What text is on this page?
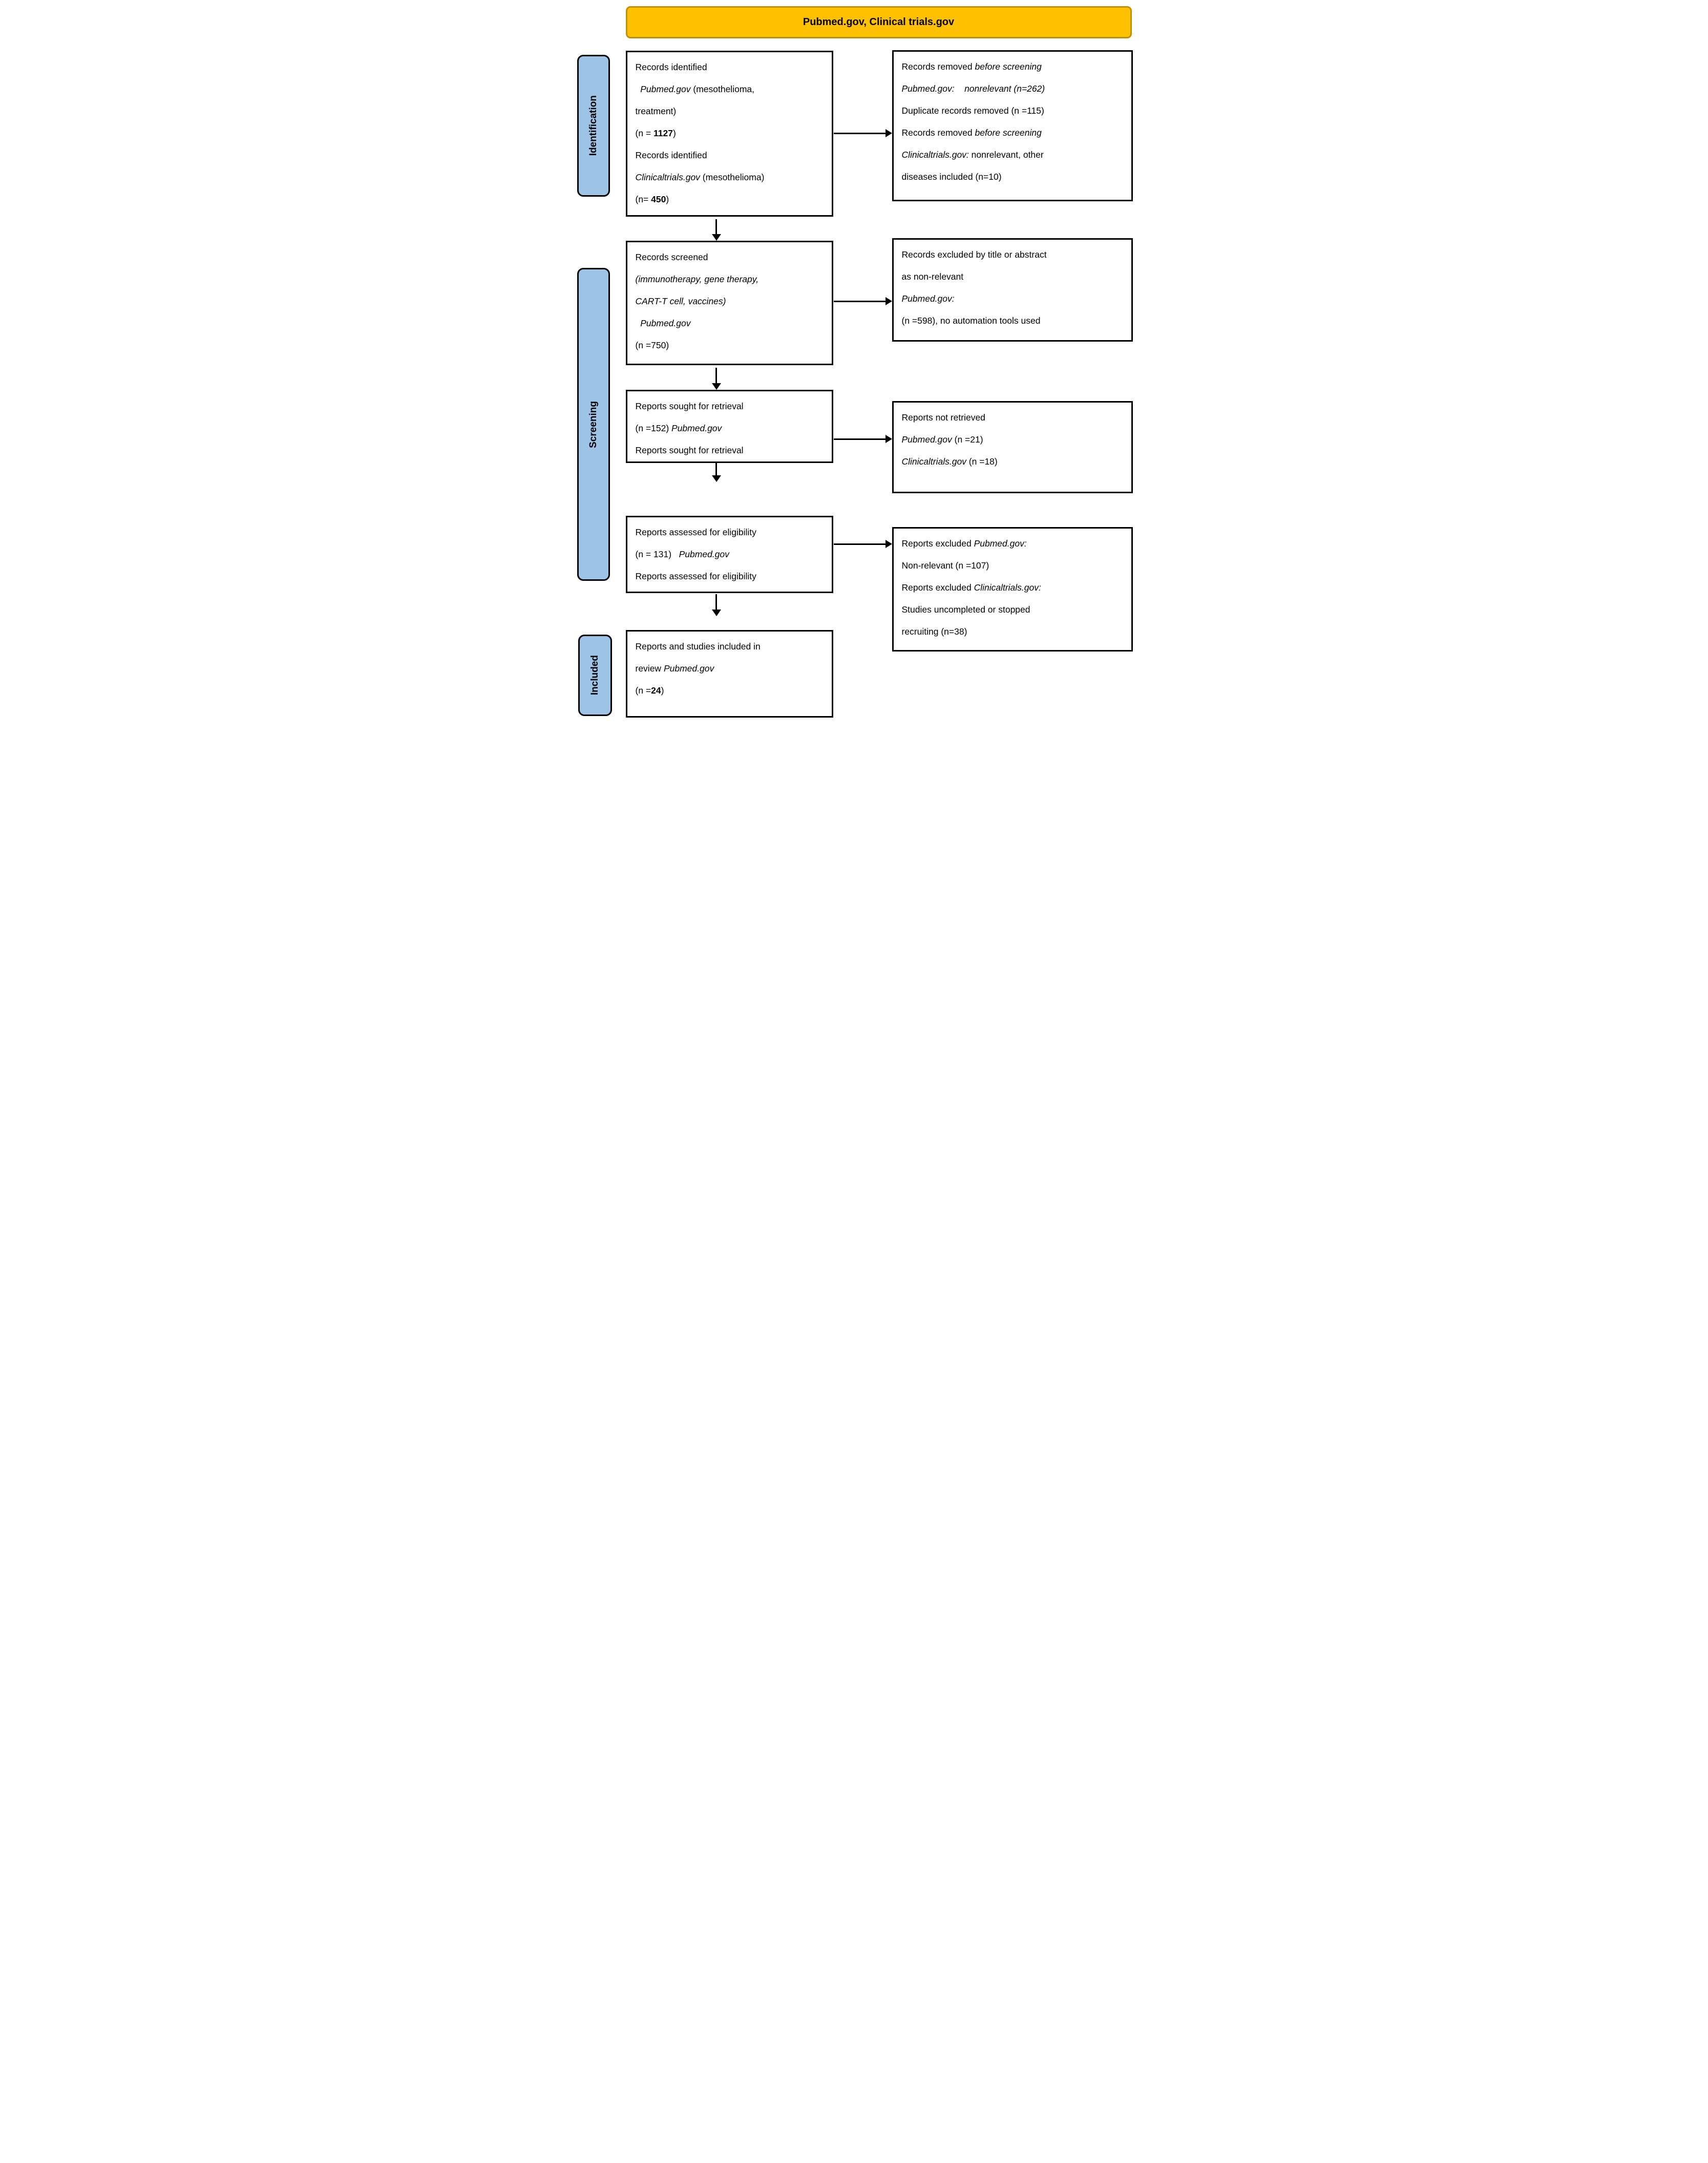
Pubmed.gov, Clinical trials.gov
Identification
Screening
Included
Records identified
Pubmed.gov (mesothelioma,
treatment)
(n = 1127)
Records identified
Clinicaltrials.gov (mesothelioma)
(n= 450)
Records screened
(immunotherapy, gene therapy,
CART-T cell, vaccines)
Pubmed.gov
(n =750)
Reports sought for retrieval
(n =152) Pubmed.gov
Reports sought for retrieval
Reports assessed for eligibility
(n = 131)   Pubmed.gov
Reports assessed for eligibility
Reports and studies included in
review Pubmed.gov
(n =24)
Records removed before screening
Pubmed.gov:    nonrelevant (n=262)
Duplicate records removed (n =115)
Records removed before screening
Clinicaltrials.gov: nonrelevant, other
diseases included (n=10)
Records excluded by title or abstract
as non-relevant
Pubmed.gov:
(n =598), no automation tools used
Reports not retrieved
Pubmed.gov (n =21)
Clinicaltrials.gov (n =18)
Reports excluded Pubmed.gov:
Non-relevant (n =107)
Reports excluded Clinicaltrials.gov:
Studies uncompleted or stopped
recruiting (n=38)
